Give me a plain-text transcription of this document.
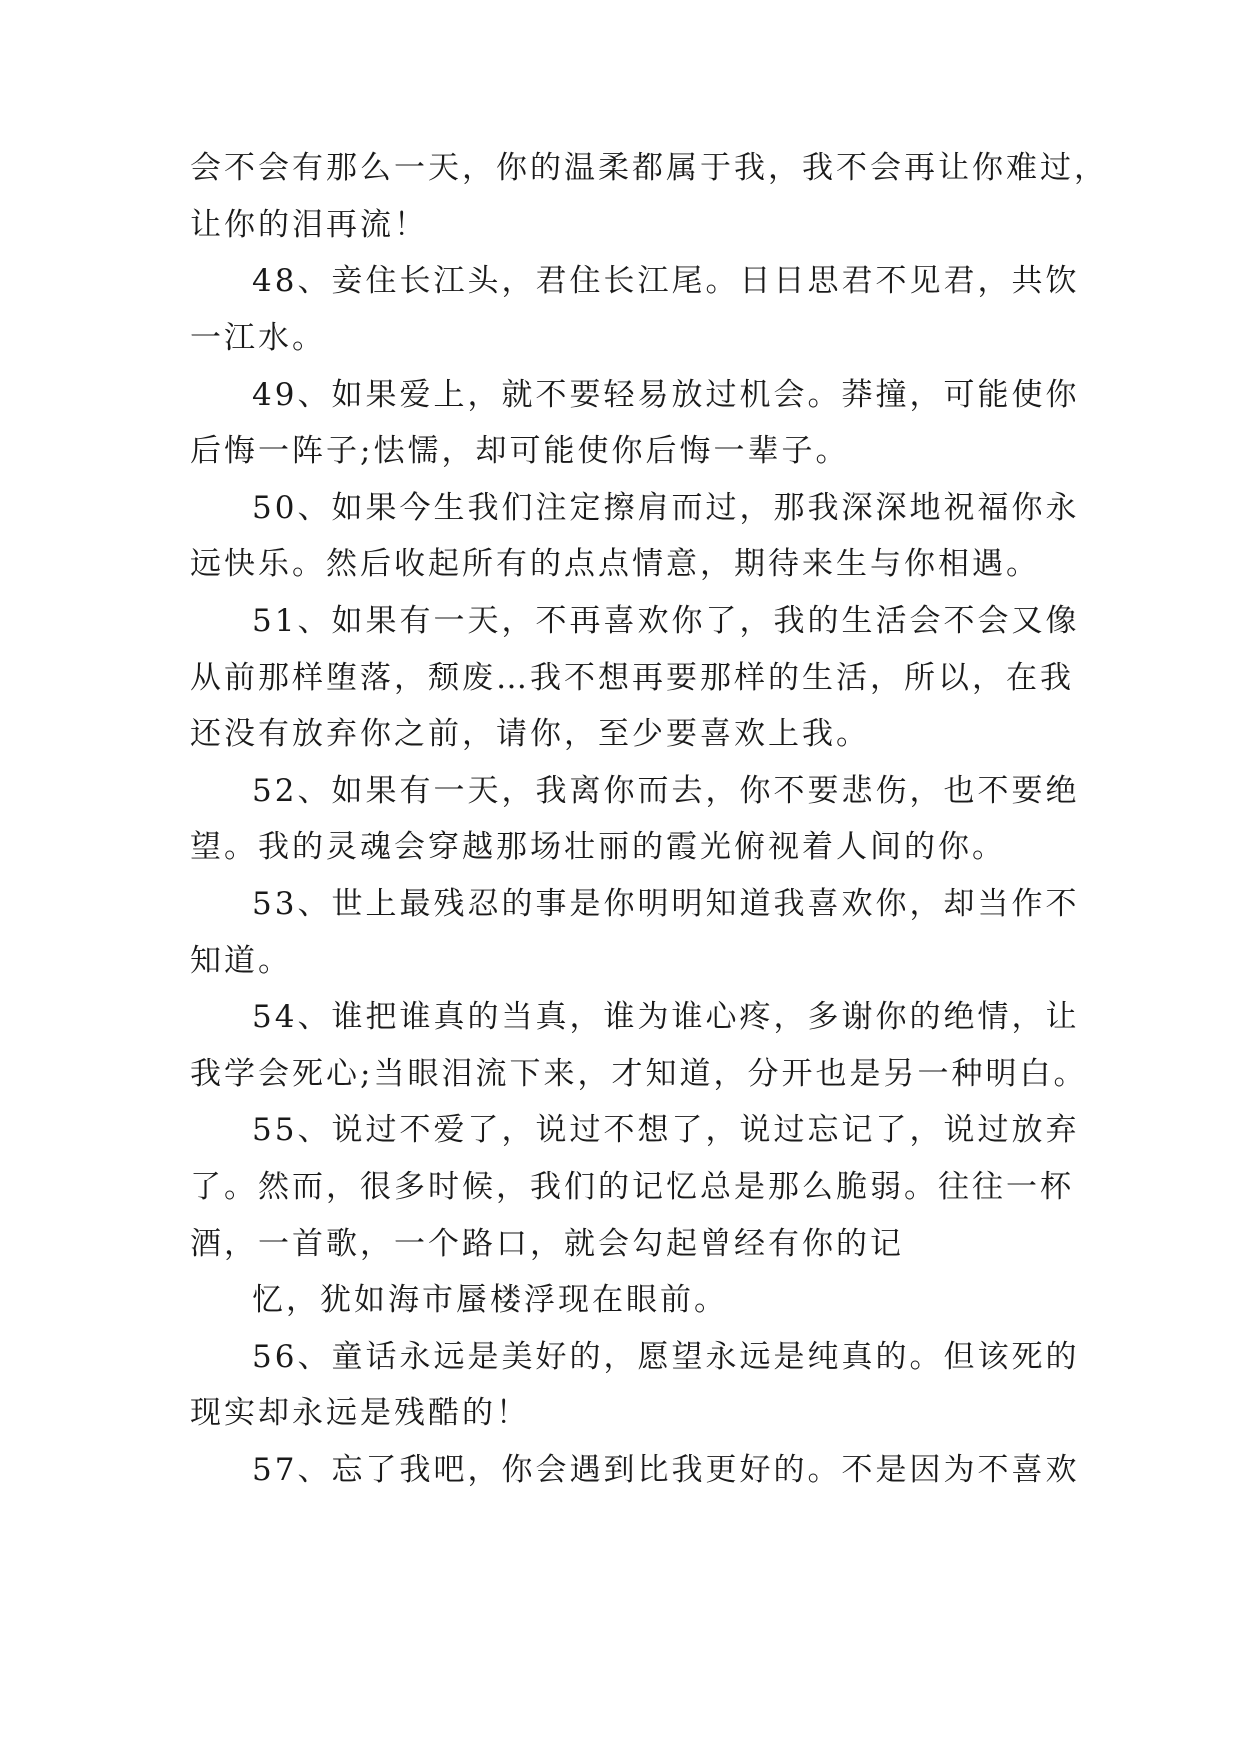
会不会有那么一天，你的温柔都属于我，我不会再让你难过，
让你的泪再流！
48、妾住长江头，君住长江尾。日日思君不见君，共饮
一江水。
49、如果爱上，就不要轻易放过机会。莽撞，可能使你
后悔一阵子;怯懦，却可能使你后悔一辈子。
50、如果今生我们注定擦肩而过，那我深深地祝福你永
远快乐。然后收起所有的点点情意，期待来生与你相遇。
51、如果有一天，不再喜欢你了，我的生活会不会又像
从前那样堕落，颓废…我不想再要那样的生活，所以，在我
还没有放弃你之前，请你，至少要喜欢上我。
52、如果有一天，我离你而去，你不要悲伤，也不要绝
望。我的灵魂会穿越那场壮丽的霞光俯视着人间的你。
53、世上最残忍的事是你明明知道我喜欢你，却当作不
知道。
54、谁把谁真的当真，谁为谁心疼，多谢你的绝情，让
我学会死心;当眼泪流下来，才知道，分开也是另一种明白。
55、说过不爱了，说过不想了，说过忘记了，说过放弃
了。然而，很多时候，我们的记忆总是那么脆弱。往往一杯
酒，一首歌，一个路口，就会勾起曾经有你的记
忆，犹如海市蜃楼浮现在眼前。
56、童话永远是美好的，愿望永远是纯真的。但该死的
现实却永远是残酷的！
57、忘了我吧，你会遇到比我更好的。不是因为不喜欢
